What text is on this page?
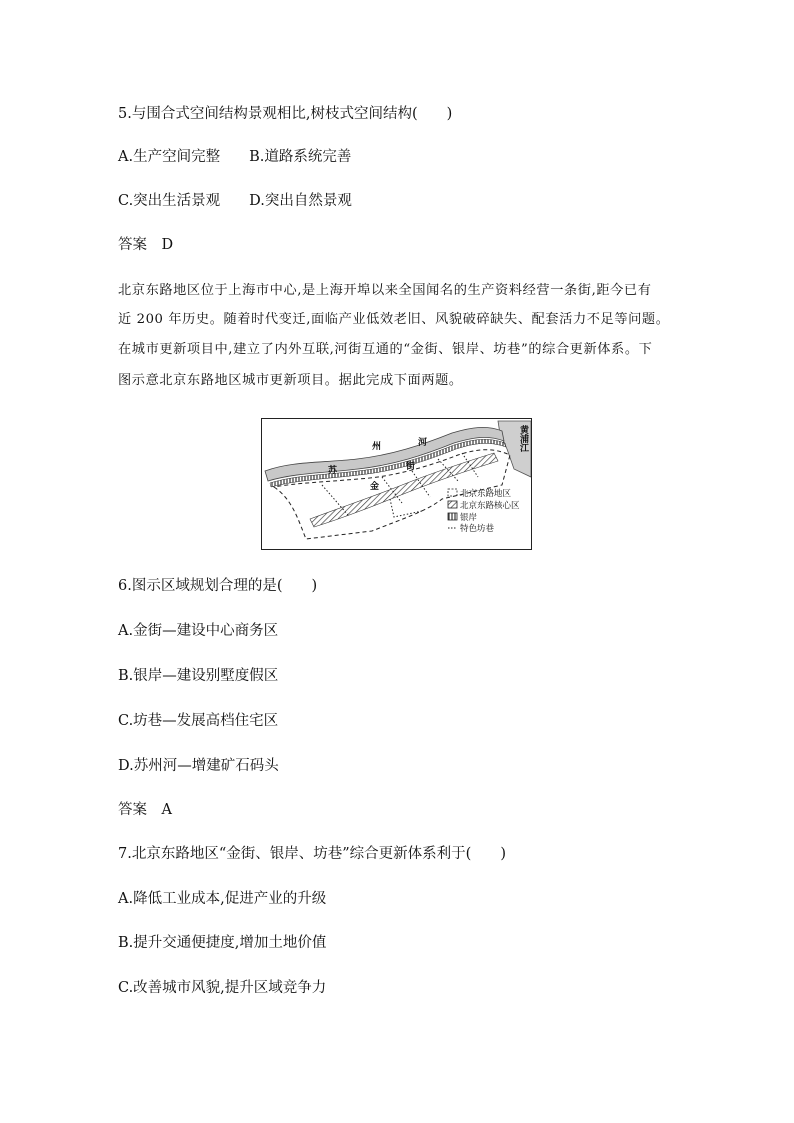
5.与围合式空间结构景观相比,树枝式空间结构(　　)
A.生产空间完整　　B.道路系统完善
C.突出生活景观　　D.突出自然景观
答案　D
北京东路地区位于上海市中心,是上海开埠以来全国闻名的生产资料经营一条街,距今已有
近 200 年历史。随着时代变迁,面临产业低效老旧、风貌破碎缺失、配套活力不足等问题。
在城市更新项目中,建立了内外互联,河街互通的“金街、银岸、坊巷”的综合更新体系。下
图示意北京东路地区城市更新项目。据此完成下面两题。
苏
州	河
黄
浦
江
金
街
北京东路地区
北京东路核心区
银岸
特色坊巷
6.图示区域规划合理的是(　　)
A.金街—建设中心商务区
B.银岸—建设别墅度假区
C.坊巷—发展高档住宅区
D.苏州河—增建矿石码头
答案　A
7.北京东路地区“金街、银岸、坊巷”综合更新体系利于(　　)
A.降低工业成本,促进产业的升级
B.提升交通便捷度,增加土地价值
C.改善城市风貌,提升区域竞争力
